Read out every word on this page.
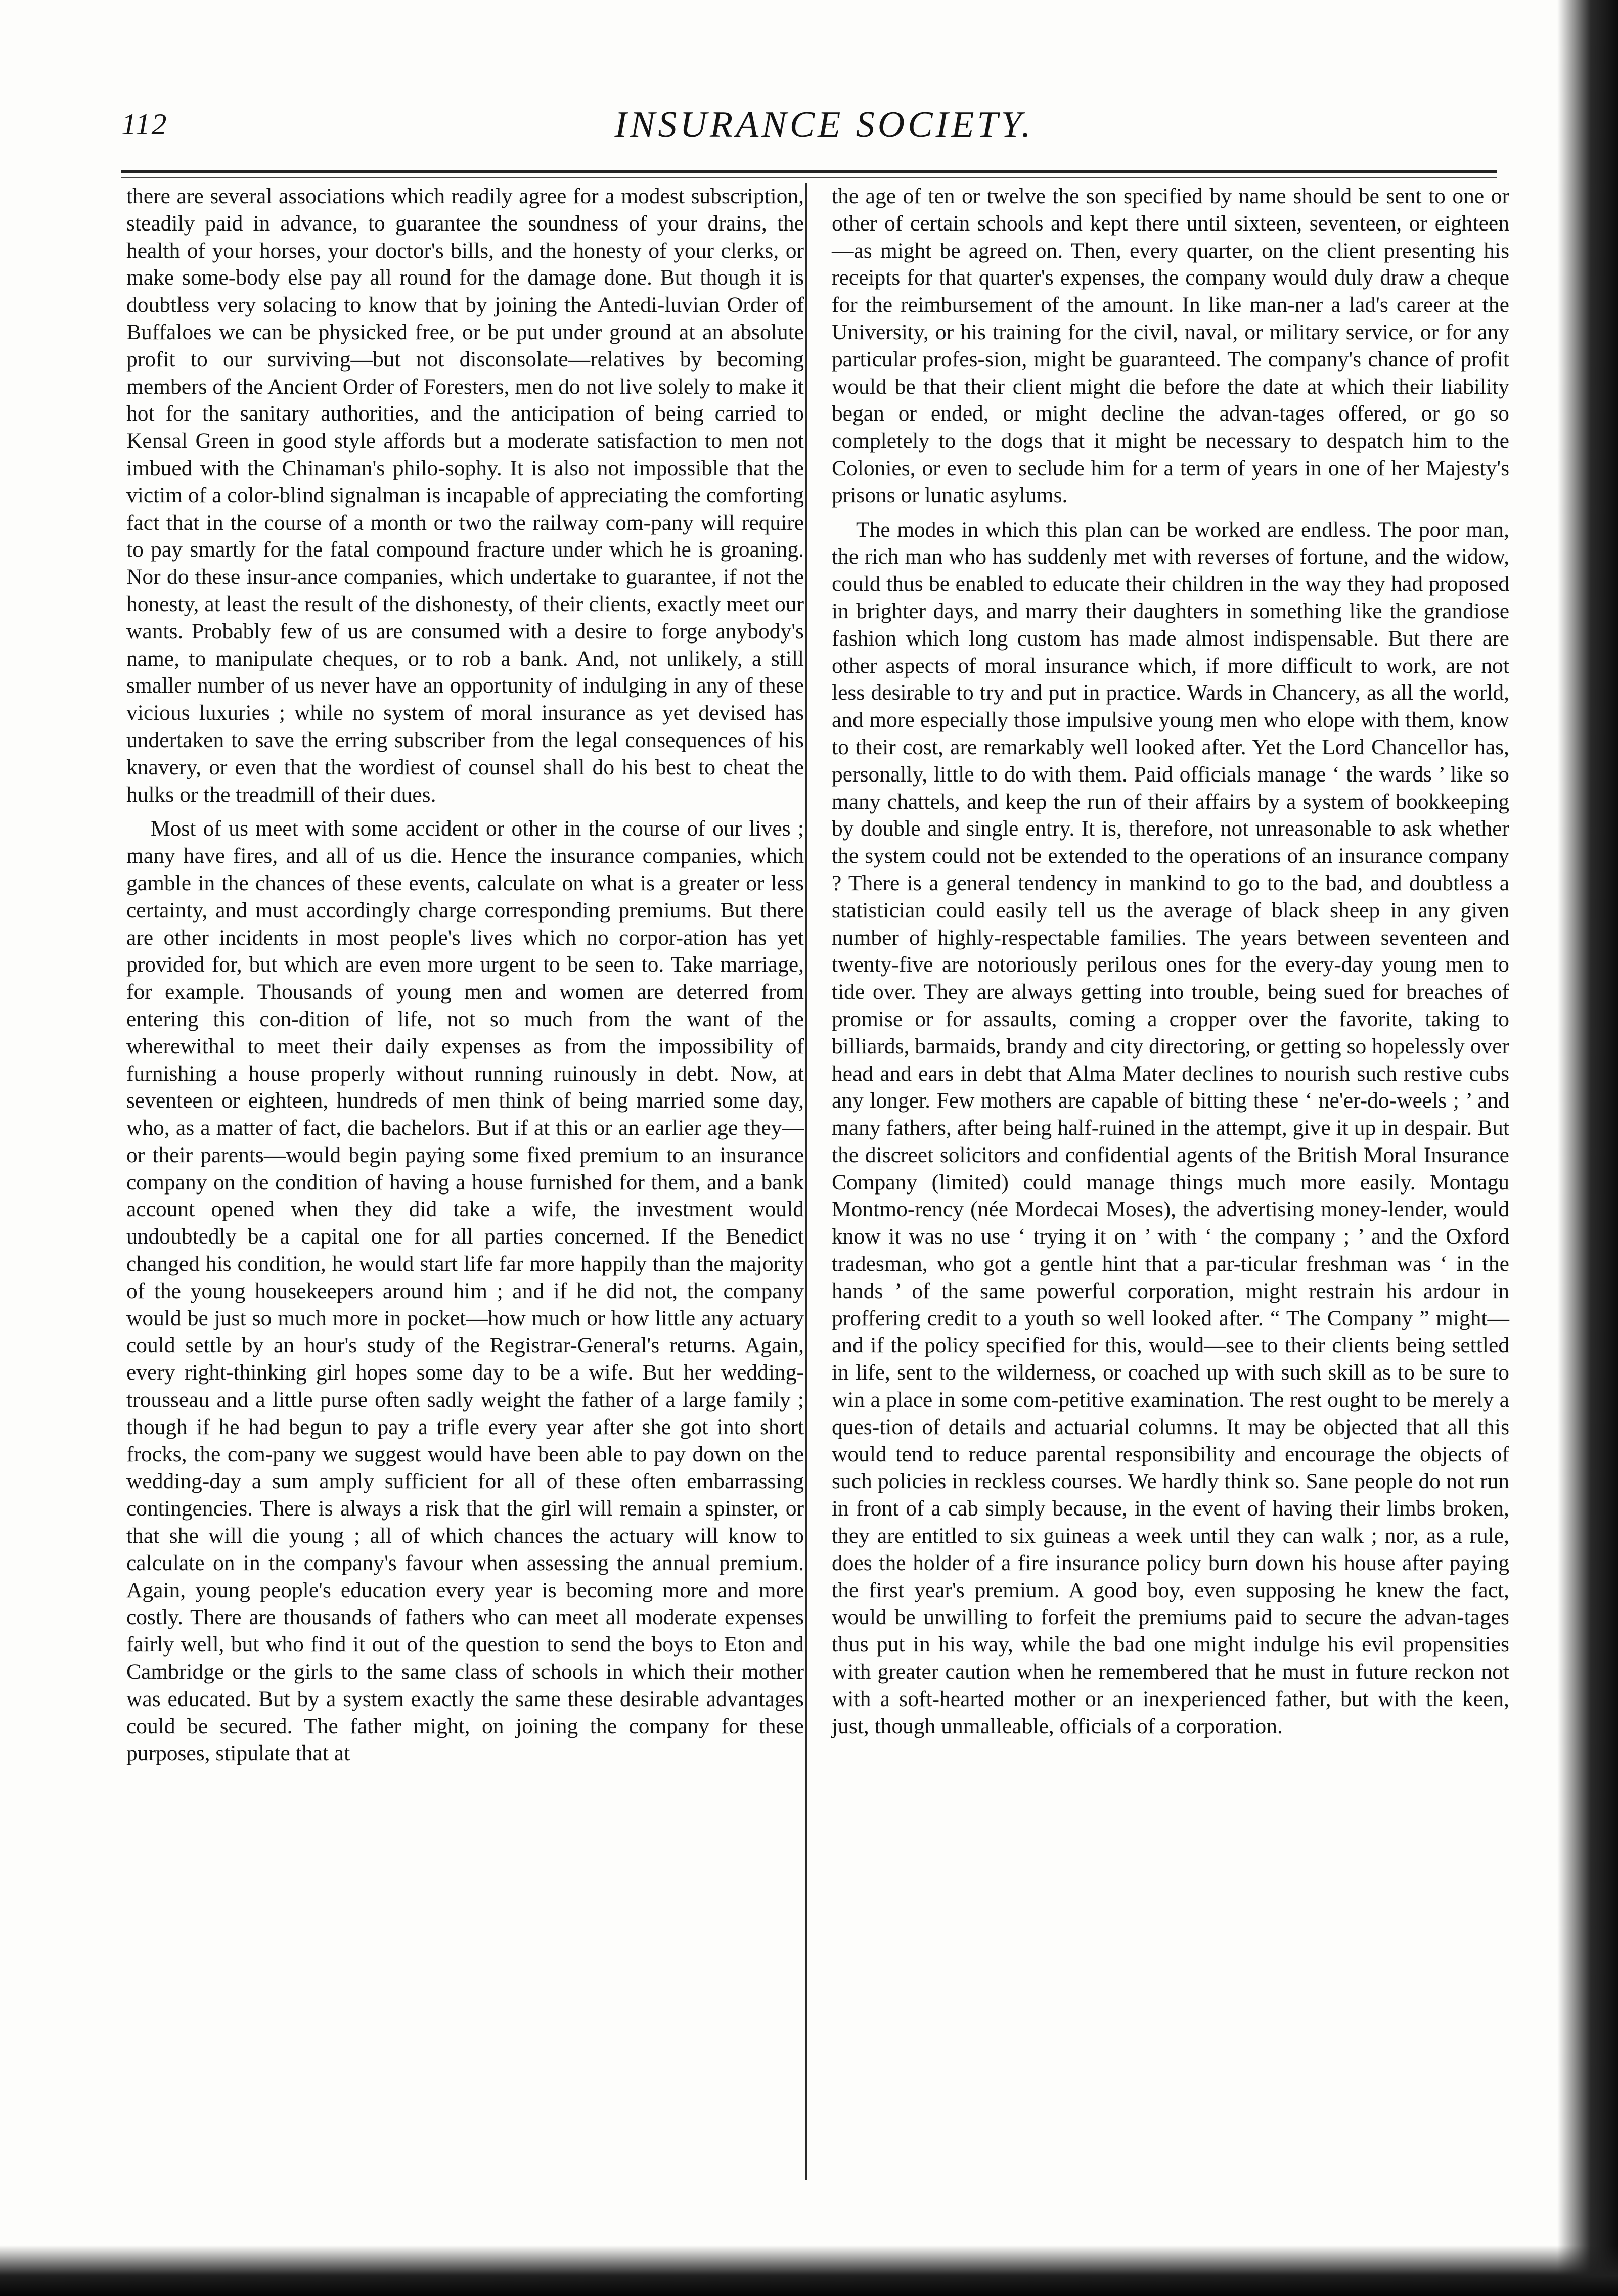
112	INSURANCE SOCIETY.

there are several associations which readily agree for a modest subscription, steadily paid in advance, to guarantee the soundness of your drains, the health of your horses, your doctor's bills, and the honesty of your clerks, or make some-body else pay all round for the damage done. But though it is doubtless very solacing to know that by joining the Antedi-luvian Order of Buffaloes we can be physicked free, or be put under ground at an absolute profit to our surviving—but not disconsolate—relatives by becoming members of the Ancient Order of Foresters, men do not live solely to make it hot for the sanitary authorities, and the anticipation of being carried to Kensal Green in good style affords but a moderate satisfaction to men not imbued with the Chinaman's philo-sophy. It is also not impossible that the victim of a color-blind signalman is incapable of appreciating the comforting fact that in the course of a month or two the railway com-pany will require to pay smartly for the fatal compound fracture under which he is groaning. Nor do these insur-ance companies, which undertake to guarantee, if not the honesty, at least the result of the dishonesty, of their clients, exactly meet our wants. Probably few of us are consumed with a desire to forge anybody's name, to manipulate cheques, or to rob a bank. And, not unlikely, a still smaller number of us never have an opportunity of indulging in any of these vicious luxuries ; while no system of moral insurance as yet devised has undertaken to save the erring subscriber from the legal consequences of his knavery, or even that the wordiest of counsel shall do his best to cheat the hulks or the treadmill of their dues.

Most of us meet with some accident or other in the course of our lives ; many have fires, and all of us die. Hence the insurance companies, which gamble in the chances of these events, calculate on what is a greater or less certainty, and must accordingly charge corresponding premiums. But there are other incidents in most people's lives which no corpor-ation has yet provided for, but which are even more urgent to be seen to. Take marriage, for example. Thousands of young men and women are deterred from entering this con-dition of life, not so much from the want of the wherewithal to meet their daily expenses as from the impossibility of furnishing a house properly without running ruinously in debt. Now, at seventeen or eighteen, hundreds of men think of being married some day, who, as a matter of fact, die bachelors. But if at this or an earlier age they—or their parents—would begin paying some fixed premium to an insurance company on the condition of having a house furnished for them, and a bank account opened when they did take a wife, the investment would undoubtedly be a capital one for all parties concerned. If the Benedict changed his condition, he would start life far more happily than the majority of the young housekeepers around him ; and if he did not, the company would be just so much more in pocket—how much or how little any actuary could settle by an hour's study of the Registrar-General's returns. Again, every right-thinking girl hopes some day to be a wife. But her wedding-trousseau and a little purse often sadly weight the father of a large family ; though if he had begun to pay a trifle every year after she got into short frocks, the com-pany we suggest would have been able to pay down on the wedding-day a sum amply sufficient for all of these often embarrassing contingencies. There is always a risk that the girl will remain a spinster, or that she will die young ; all of which chances the actuary will know to calculate on in the company's favour when assessing the annual premium. Again, young people's education every year is becoming more and more costly. There are thousands of fathers who can meet all moderate expenses fairly well, but who find it out of the question to send the boys to Eton and Cambridge or the girls to the same class of schools in which their mother was educated. But by a system exactly the same these desirable advantages could be secured. The father might, on joining the company for these purposes, stipulate that at

the age of ten or twelve the son specified by name should be sent to one or other of certain schools and kept there until sixteen, seventeen, or eighteen—as might be agreed on. Then, every quarter, on the client presenting his receipts for that quarter's expenses, the company would duly draw a cheque for the reimbursement of the amount. In like man-ner a lad's career at the University, or his training for the civil, naval, or military service, or for any particular profes-sion, might be guaranteed. The company's chance of profit would be that their client might die before the date at which their liability began or ended, or might decline the advan-tages offered, or go so completely to the dogs that it might be necessary to despatch him to the Colonies, or even to seclude him for a term of years in one of her Majesty's prisons or lunatic asylums.

The modes in which this plan can be worked are endless. The poor man, the rich man who has suddenly met with reverses of fortune, and the widow, could thus be enabled to educate their children in the way they had proposed in brighter days, and marry their daughters in something like the grandiose fashion which long custom has made almost indispensable. But there are other aspects of moral insurance which, if more difficult to work, are not less desirable to try and put in practice. Wards in Chancery, as all the world, and more especially those impulsive young men who elope with them, know to their cost, are remarkably well looked after. Yet the Lord Chancellor has, personally, little to do with them. Paid officials manage ‘ the wards ’ like so many chattels, and keep the run of their affairs by a system of bookkeeping by double and single entry. It is, therefore, not unreasonable to ask whether the system could not be extended to the operations of an insurance company ? There is a general tendency in mankind to go to the bad, and doubtless a statistician could easily tell us the average of black sheep in any given number of highly-respectable families. The years between seventeen and twenty-five are notoriously perilous ones for the every-day young men to tide over. They are always getting into trouble, being sued for breaches of promise or for assaults, coming a cropper over the favorite, taking to billiards, barmaids, brandy and city directoring, or getting so hopelessly over head and ears in debt that Alma Mater declines to nourish such restive cubs any longer. Few mothers are capable of bitting these ‘ ne'er-do-weels ; ’ and many fathers, after being half-ruined in the attempt, give it up in despair. But the discreet solicitors and confidential agents of the British Moral Insurance Company (limited) could manage things much more easily. Montagu Montmo-rency (née Mordecai Moses), the advertising money-lender, would know it was no use ‘ trying it on ’ with ‘ the company ; ’ and the Oxford tradesman, who got a gentle hint that a par-ticular freshman was ‘ in the hands ’ of the same powerful corporation, might restrain his ardour in proffering credit to a youth so well looked after. “ The Company ” might—and if the policy specified for this, would—see to their clients being settled in life, sent to the wilderness, or coached up with such skill as to be sure to win a place in some com-petitive examination. The rest ought to be merely a ques-tion of details and actuarial columns. It may be objected that all this would tend to reduce parental responsibility and encourage the objects of such policies in reckless courses. We hardly think so. Sane people do not run in front of a cab simply because, in the event of having their limbs broken, they are entitled to six guineas a week until they can walk ; nor, as a rule, does the holder of a fire insurance policy burn down his house after paying the first year's premium. A good boy, even supposing he knew the fact, would be unwilling to forfeit the premiums paid to secure the advan-tages thus put in his way, while the bad one might indulge his evil propensities with greater caution when he remembered that he must in future reckon not with a soft-hearted mother or an inexperienced father, but with the keen, just, though unmalleable, officials of a corporation.
